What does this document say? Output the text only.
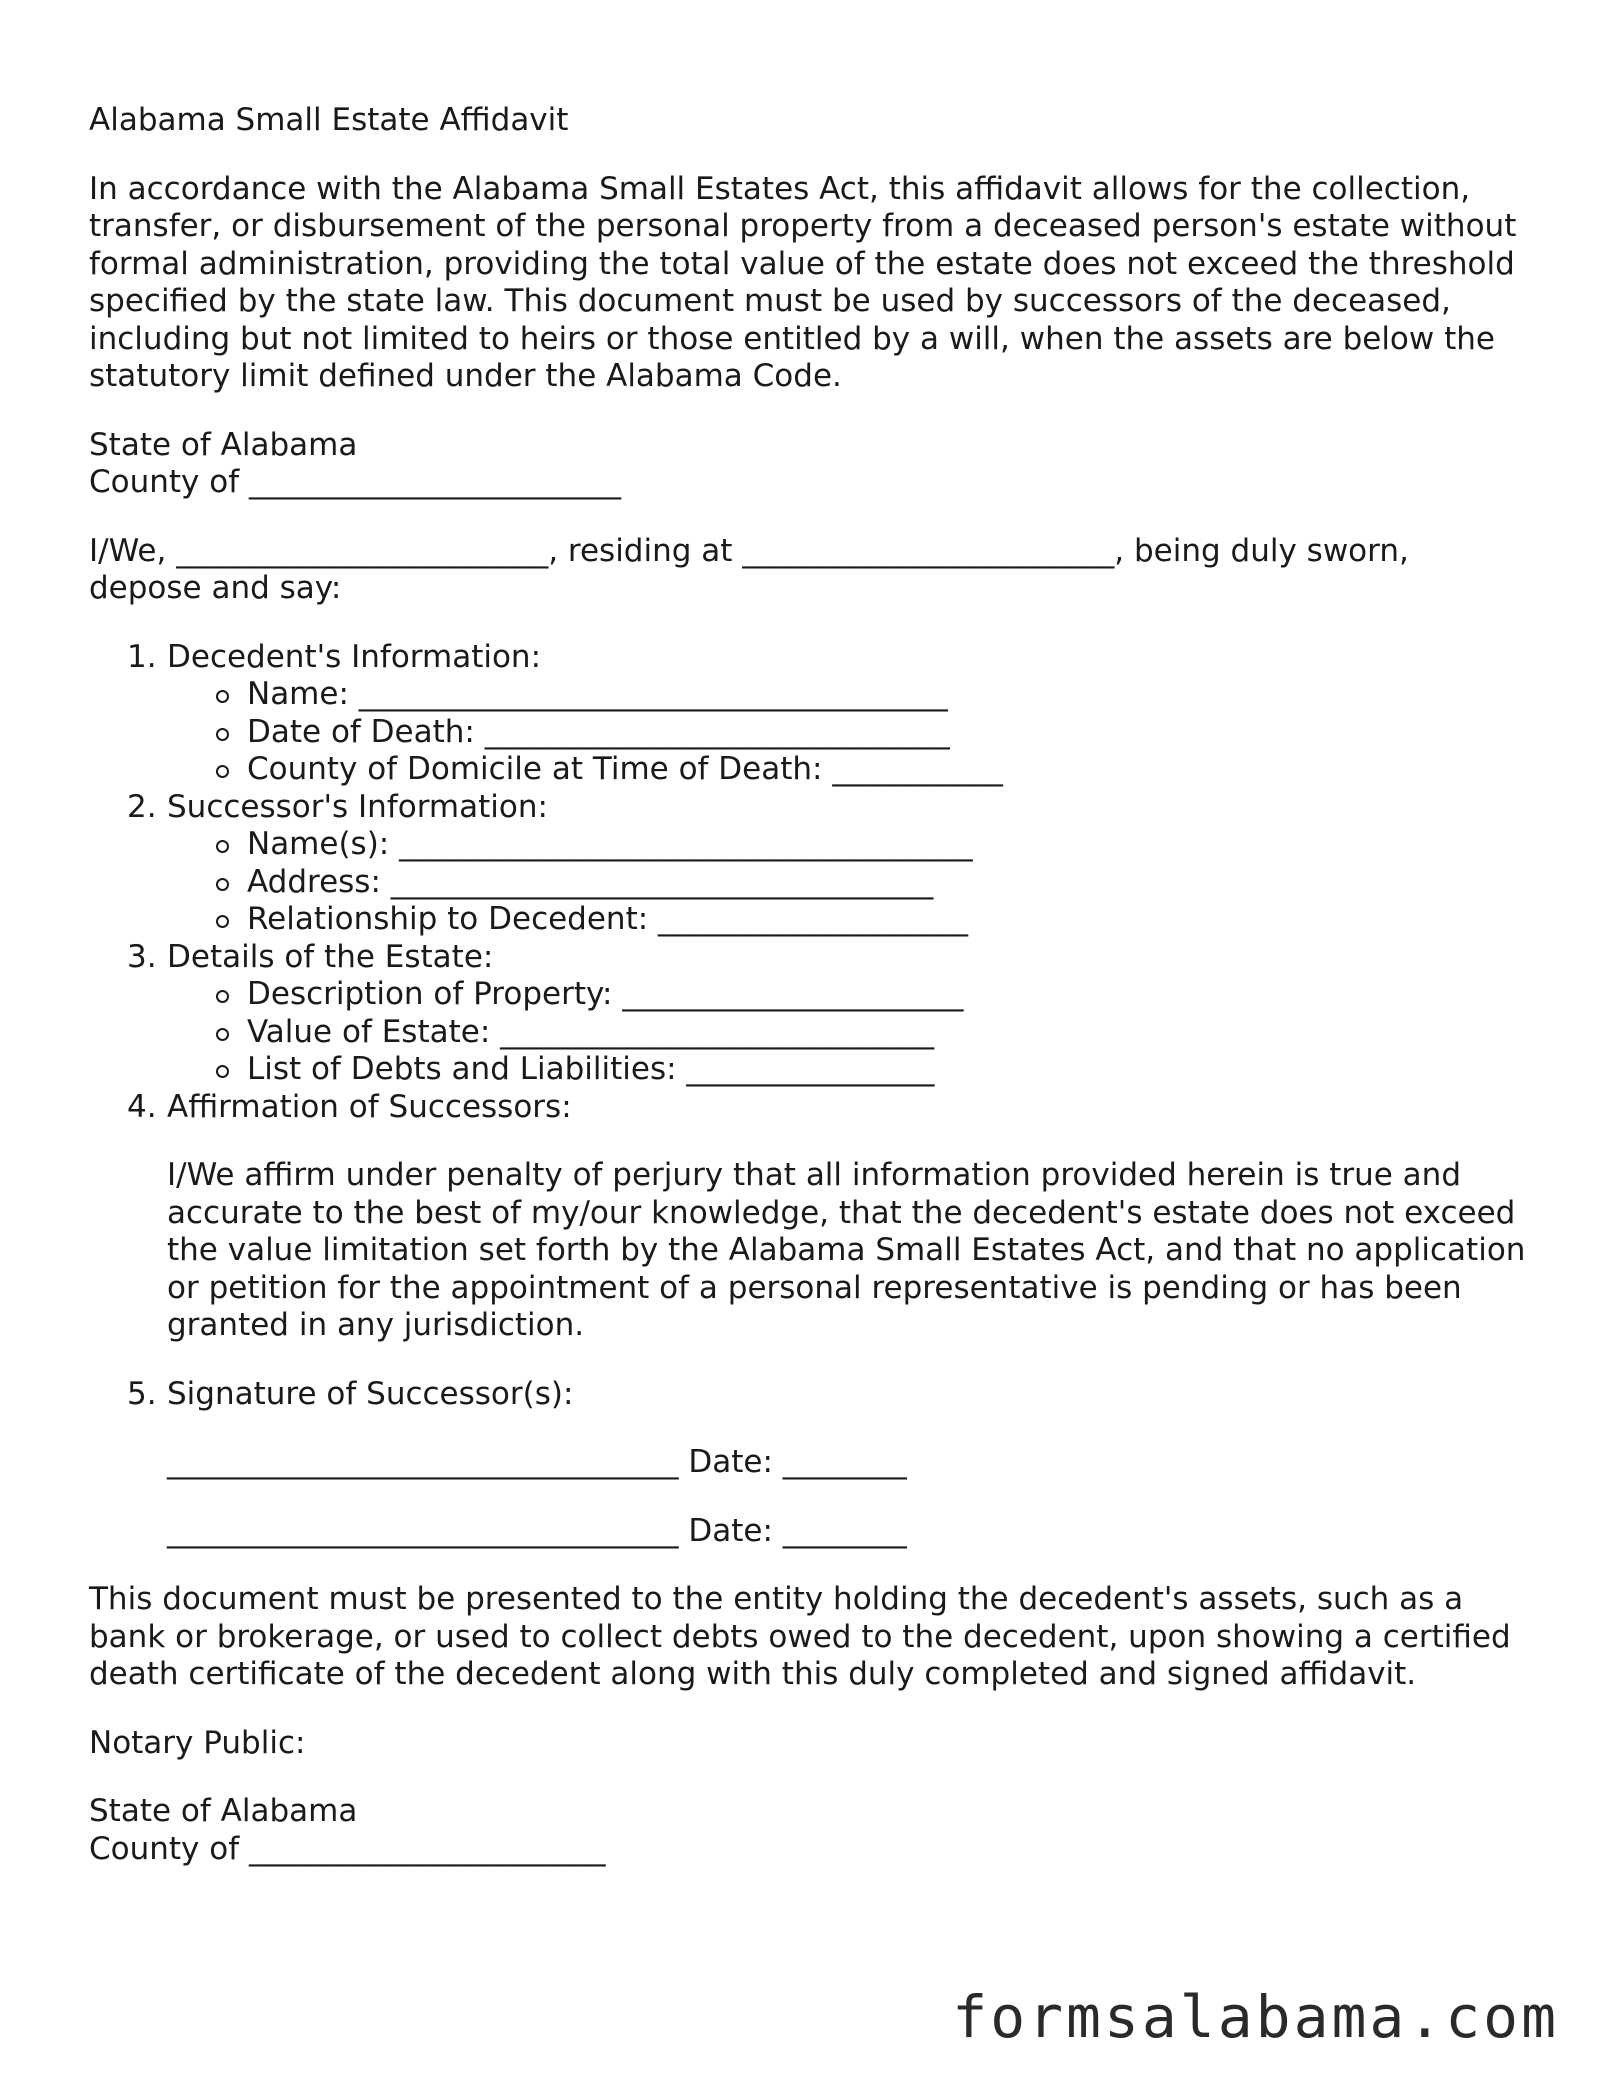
Alabama Small Estate Affidavit

In accordance with the Alabama Small Estates Act, this affidavit allows for the collection, transfer, or disbursement of the personal property from a deceased person's estate without formal administration, providing the total value of the estate does not exceed the threshold specified by the state law. This document must be used by successors of the deceased, including but not limited to heirs or those entitled by a will, when the assets are below the statutory limit defined under the Alabama Code.

State of Alabama
County of ________________________

I/We, ________________________, residing at ________________________, being duly sworn, depose and say:

1. Decedent's Information:
Name: ______________________________________
Date of Death: ______________________________
County of Domicile at Time of Death: ___________
2. Successor's Information:
Name(s): _____________________________________
Address: ___________________________________
Relationship to Decedent: ____________________
3. Details of the Estate:
Description of Property: ______________________
Value of Estate: ____________________________
List of Debts and Liabilities: ________________
4. Affirmation of Successors:

I/We affirm under penalty of perjury that all information provided herein is true and accurate to the best of my/our knowledge, that the decedent's estate does not exceed the value limitation set forth by the Alabama Small Estates Act, and that no application or petition for the appointment of a personal representative is pending or has been granted in any jurisdiction.

5. Signature of Successor(s):
_________________________________ Date: ________
_________________________________ Date: ________

This document must be presented to the entity holding the decedent's assets, such as a bank or brokerage, or used to collect debts owed to the decedent, upon showing a certified death certificate of the decedent along with this duly completed and signed affidavit.

Notary Public:

State of Alabama
County of _______________________
formsalabama.com
